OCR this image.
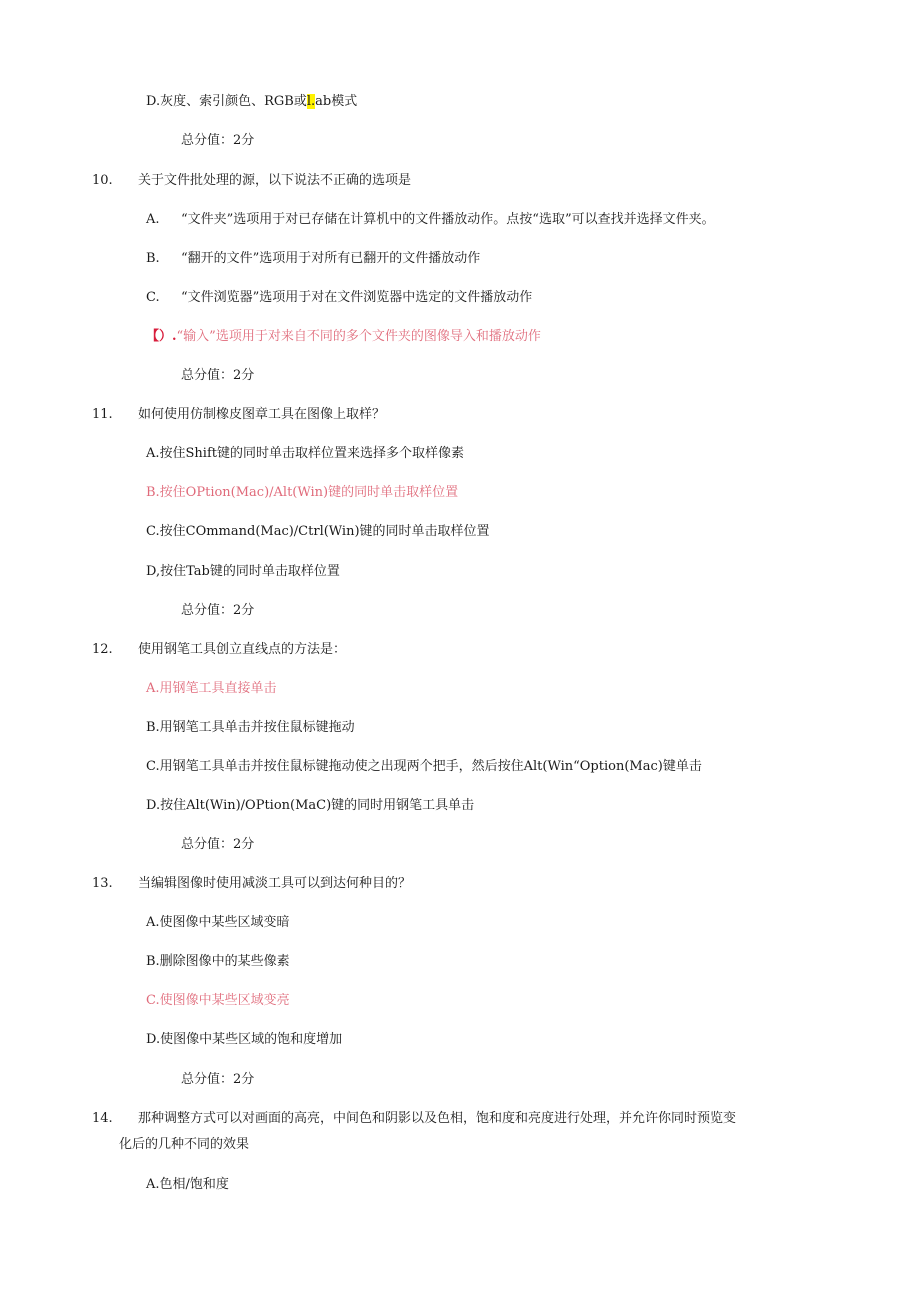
D.灰度、索引颜色、RGB或l.ab模式
总分值：2分
10. 关于文件批处理的源，以下说法不正确的选项是
A. “文件夹”选项用于对已存储在计算机中的文件播放动作。点按“选取”可以查找并选择文件夹。
B. “翻开的文件”选项用于对所有已翻开的文件播放动作
C. “文件浏览器”选项用于对在文件浏览器中选定的文件播放动作
【）.“输入”选项用于对来自不同的多个文件夹的图像导入和播放动作
总分值：2分
11. 如何使用仿制橡皮图章工具在图像上取样？
A.按住Shift键的同时单击取样位置来选择多个取样像素
B.按住OPtion(Mac)/Alt(Win)键的同时单击取样位置
C.按住COmmand(Mac)/Ctrl(Win)键的同时单击取样位置
D,按住Tab键的同时单击取样位置
总分值：2分
12. 使用钢笔工具创立直线点的方法是：
A.用钢笔工具直接单击
B.用钢笔工具单击并按住鼠标键拖动
C.用钢笔工具单击并按住鼠标键拖动使之出现两个把手，然后按住Alt(Win“Option(Mac)键单击
D.按住Alt(Win)/OPtion(MaC)键的同时用钢笔工具单击
总分值：2分
13. 当编辑图像时使用减淡工具可以到达何种目的？
A.使图像中某些区域变暗
B.删除图像中的某些像素
C.使图像中某些区域变亮
D.使图像中某些区域的饱和度增加
总分值：2分
14. 那种调整方式可以对画面的高亮，中间色和阴影以及色相，饱和度和亮度进行处理，并允许你同时预览变
化后的几种不同的效果
A.色相/饱和度
